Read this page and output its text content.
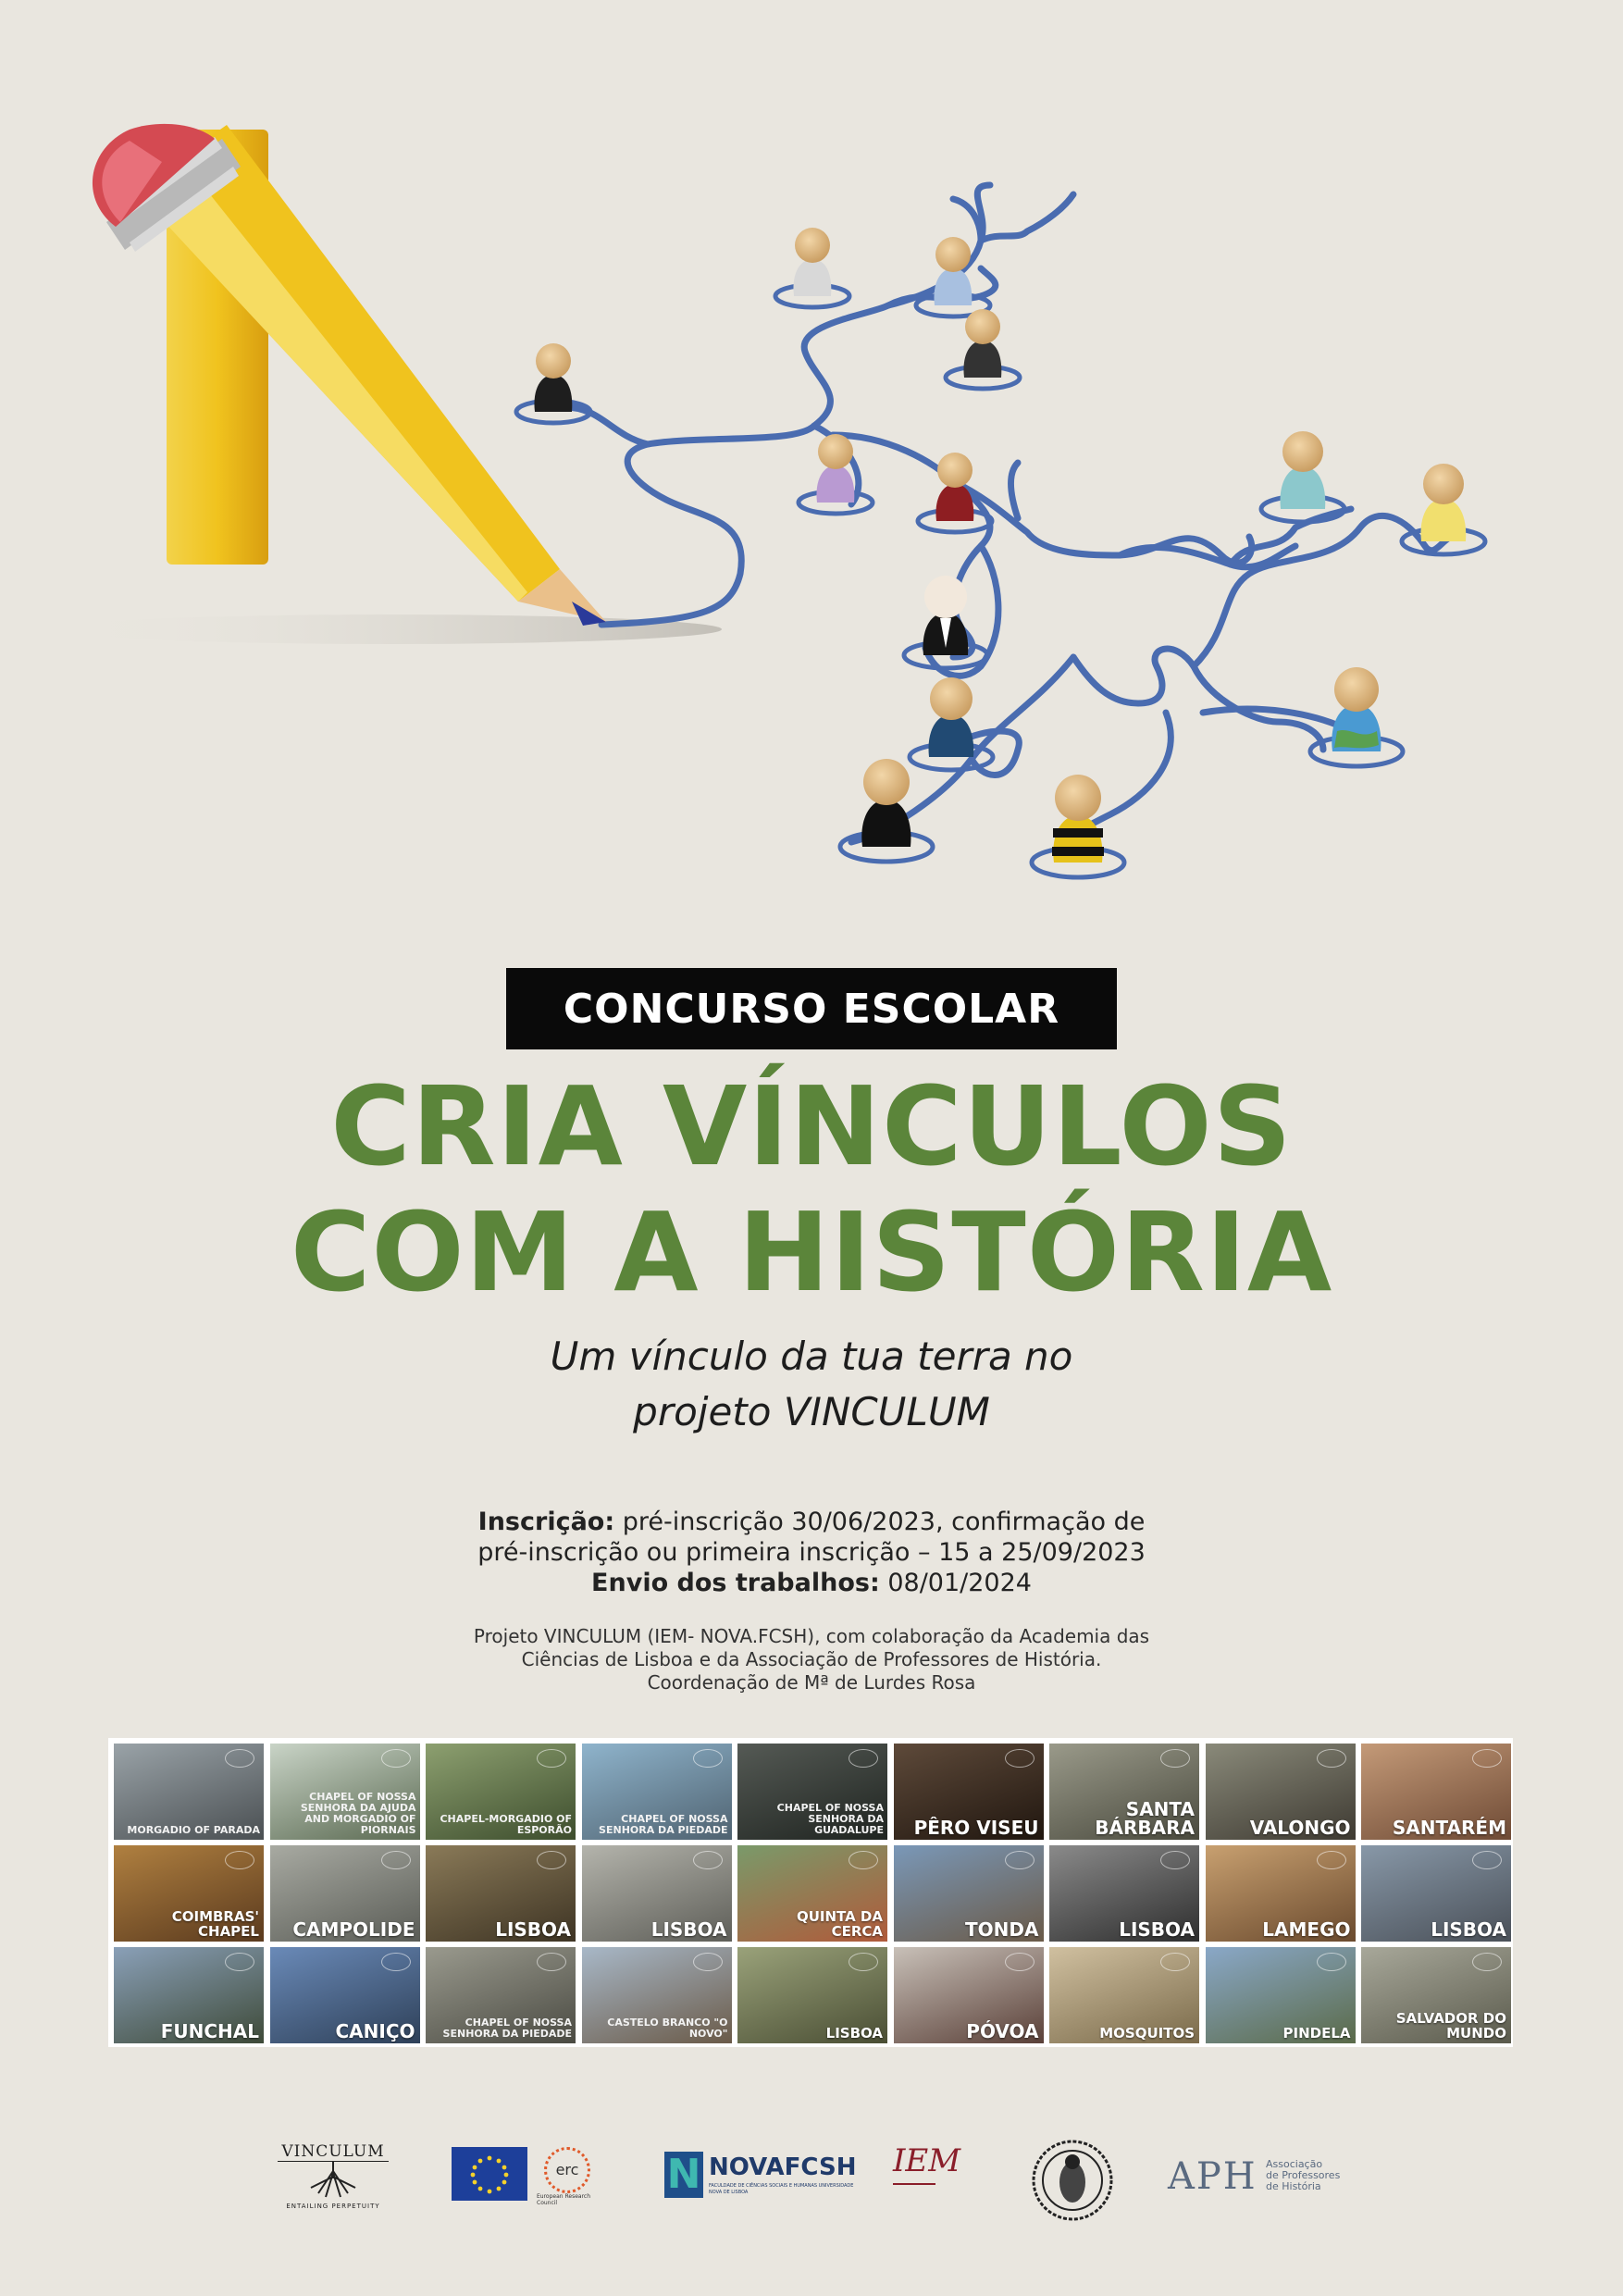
CONCURSO ESCOLAR
CRIA VÍNCULOS
COM A HISTÓRIA
Um vínculo da tua terra no
projeto VINCULUM
Inscrição: pré-inscrição 30/06/2023, confirmação de
pré-inscrição ou primeira inscrição – 15 a 25/09/2023
Envio dos trabalhos: 08/01/2024
Projeto VINCULUM (IEM- NOVA.FCSH), com colaboração da Academia das
Ciências de Lisboa e da Associação de Professores de História.
Coordenação de Mª de Lurdes Rosa
MORGADIO OF PARADA
CHAPEL OF NOSSA SENHORA DA AJUDA AND MORGADIO OF PIORNAIS
CHAPEL-MORGADIO OF ESPORÃO
CHAPEL OF NOSSA SENHORA DA PIEDADE
CHAPEL OF NOSSA SENHORA DA GUADALUPE	PÊRO VISEU
SANTA BÁRBARA	VALONGO	SANTARÉM
COIMBRAS' CHAPEL	CAMPOLIDE	LISBOA	LISBOA
QUINTA DA CERCA	TONDA	LISBOA	LAMEGO	LISBOA
FUNCHAL	CANIÇO	CHAPEL OF NOSSA SENHORA DA PIEDADE
CASTELO BRANCO "O NOVO"	LISBOA	PÓVOA	MOSQUITOS	PINDELA
SALVADOR DO MUNDO
VINCULUM
ENTAILING PERPETUITY
erc
European Research Council
N NOVAFCSH
FACULDADE DE CIÊNCIAS SOCIAIS E HUMANAS UNIVERSIDADE NOVA DE LISBOA
IEM	APH Associação
de Professores
de História
